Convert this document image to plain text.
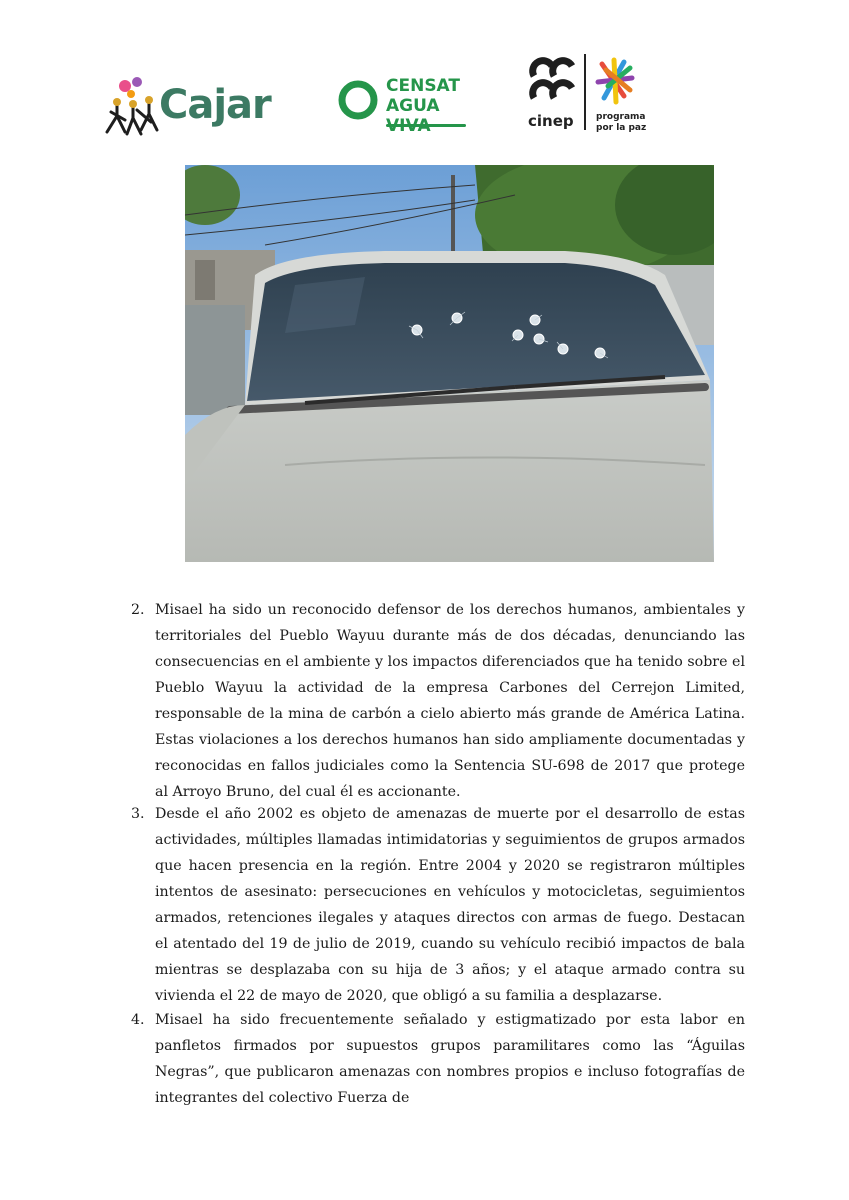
Cajar	CENSAT
AGUA
cinep programa
por la paz
2. Misael ha sido un reconocido defensor de los derechos humanos, ambientales y territoriales del Pueblo Wayuu durante más de dos décadas, denunciando las consecuencias en el ambiente y los impactos diferenciados que ha tenido sobre el Pueblo Wayuu la actividad de la empresa Carbones del Cerrejon Limited, responsable de la mina de carbón a cielo abierto más grande de América Latina. Estas violaciones a los derechos humanos han sido ampliamente documentadas y reconocidas en fallos judiciales como la Sentencia SU-698 de 2017 que protege al Arroyo Bruno, del cual él es accionante.
3. Desde el año 2002 es objeto de amenazas de muerte por el desarrollo de estas actividades, múltiples llamadas intimidatorias y seguimientos de grupos armados que hacen presencia en la región. Entre 2004 y 2020 se registraron múltiples intentos de asesinato: persecuciones en vehículos y motocicletas, seguimientos armados, retenciones ilegales y ataques directos con armas de fuego. Destacan el atentado del 19 de julio de 2019, cuando su vehículo recibió impactos de bala mientras se desplazaba con su hija de 3 años; y el ataque armado contra su vivienda el 22 de mayo de 2020, que obligó a su familia a desplazarse.
4. Misael ha sido frecuentemente señalado y estigmatizado por esta labor en panfletos firmados por supuestos grupos paramilitares como las “Águilas Negras”, que publicaron amenazas con nombres propios e incluso fotografías de integrantes del colectivo Fuerza de
